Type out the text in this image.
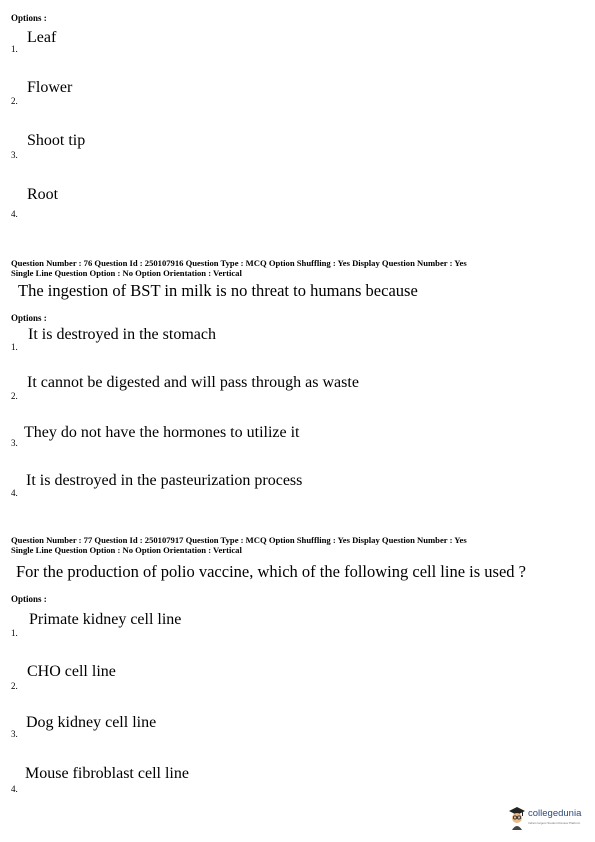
Options :
Leaf
1.
Flower
2.
Shoot tip
3.
Root
4.
Question Number : 76 Question Id : 250107916 Question Type : MCQ Option Shuffling : Yes Display Question Number : Yes
Single Line Question Option : No Option Orientation : Vertical
The ingestion of BST in milk is no threat to humans because
Options :
It is destroyed in the stomach
1.
It cannot be digested and will pass through as waste
2.
They do not have the hormones to utilize it
3.
It is destroyed in the pasteurization process
4.
Question Number : 77 Question Id : 250107917 Question Type : MCQ Option Shuffling : Yes Display Question Number : Yes
Single Line Question Option : No Option Orientation : Vertical
For the production of polio vaccine, which of the following cell line is used ?
Options :
Primate kidney cell line
1.
CHO cell line
2.
Dog kidney cell line
3.
Mouse fibroblast cell line
4.
collegedunia
India's largest Student Review Platform
